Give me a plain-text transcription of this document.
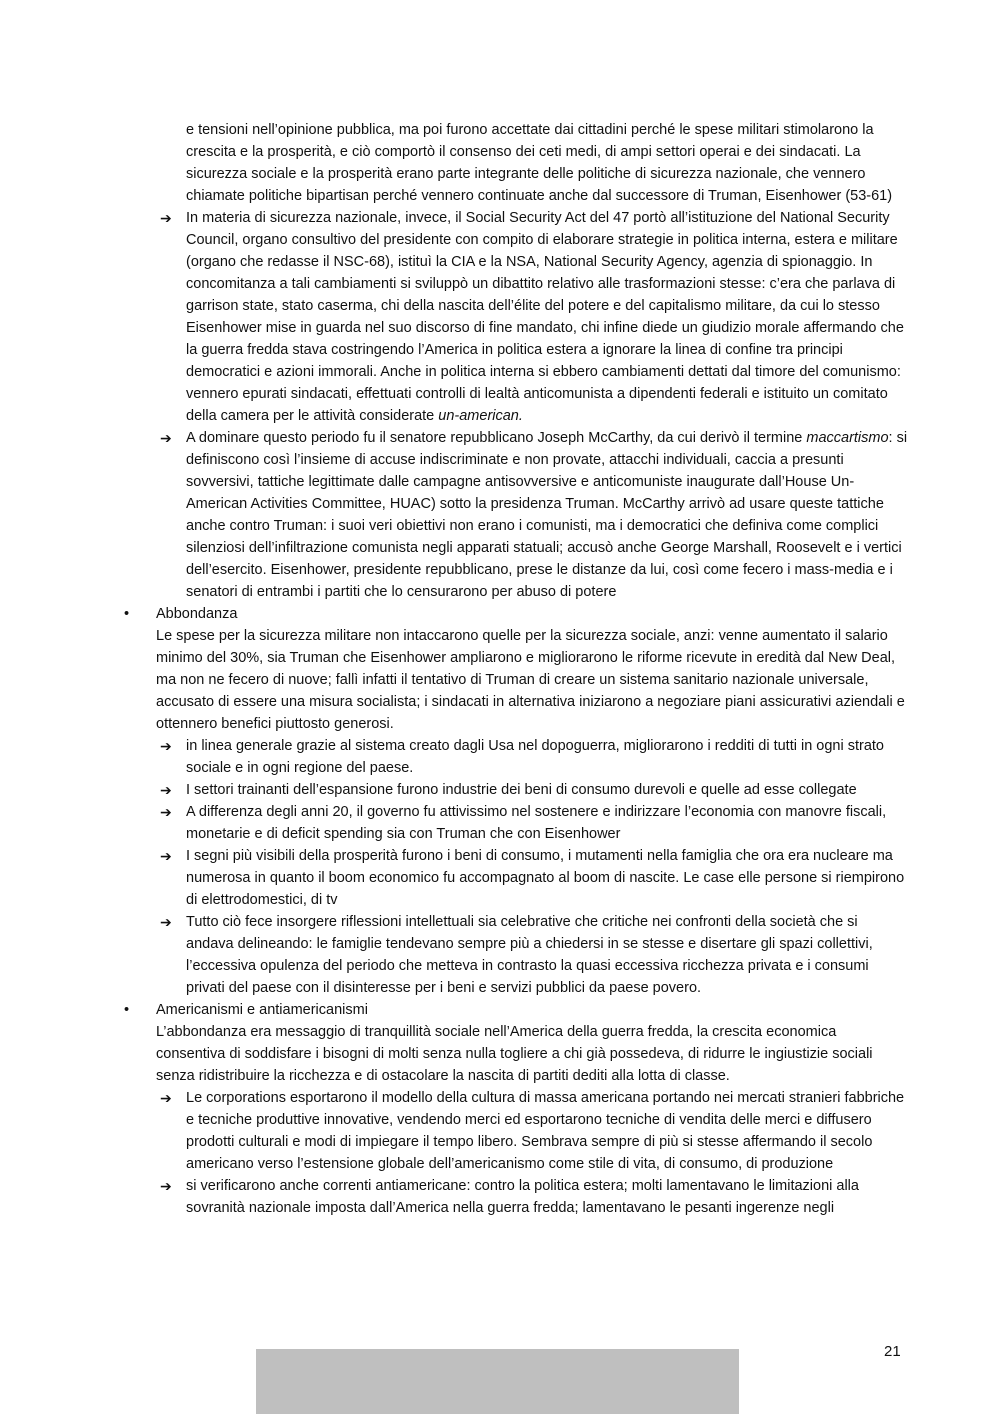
e tensioni nell’opinione pubblica, ma poi furono accettate dai cittadini perché le spese militari stimolarono la crescita e la prosperità, e ciò comportò il consenso dei ceti medi, di ampi settori operai e dei sindacati. La sicurezza sociale e la prosperità erano parte integrante delle politiche di sicurezza nazionale, che vennero chiamate politiche bipartisan perché vennero continuate anche dal successore di Truman, Eisenhower (53-61)
➔ In materia di sicurezza nazionale, invece, il Social Security Act del 47 portò all’istituzione del National Security Council, organo consultivo del presidente con compito di elaborare strategie in politica interna, estera e militare (organo che redasse il NSC-68), istituì la CIA e la NSA, National Security Agency, agenzia di spionaggio. In concomitanza a tali cambiamenti si sviluppò un dibattito relativo alle trasformazioni stesse: c’era che parlava di garrison state, stato caserma, chi della nascita dell’élite del potere e del capitalismo militare, da cui lo stesso Eisenhower mise in guarda nel suo discorso di fine mandato, chi infine diede un giudizio morale affermando che la guerra fredda stava costringendo l’America in politica estera a ignorare la linea di confine tra principi democratici e azioni immorali. Anche in politica interna si ebbero cambiamenti dettati dal timore del comunismo: vennero epurati sindacati, effettuati controlli di lealtà anticomunista a dipendenti federali e istituito un comitato della camera per le attività considerate un-american.
➔ A dominare questo periodo fu il senatore repubblicano Joseph McCarthy, da cui derivò il termine maccartismo: si definiscono così l’insieme di accuse indiscriminate e non provate, attacchi individuali, caccia a presunti sovversivi, tattiche legittimate dalle campagne antisovversive e anticomuniste inaugurate dall’House Un-American Activities Committee, HUAC) sotto la presidenza Truman. McCarthy arrivò ad usare queste tattiche anche contro Truman: i suoi veri obiettivi non erano i comunisti, ma i democratici che definiva come complici silenziosi dell’infiltrazione comunista negli apparati statuali; accusò anche George Marshall, Roosevelt e i vertici dell’esercito. Eisenhower, presidente repubblicano, prese le distanze da lui, così come fecero i mass-media e i senatori di entrambi i partiti che lo censurarono per abuso di potere
• Abbondanza
Le spese per la sicurezza militare non intaccarono quelle per la sicurezza sociale, anzi: venne aumentato il salario minimo del 30%, sia Truman che Eisenhower ampliarono e migliorarono le riforme ricevute in eredità dal New Deal, ma non ne fecero di nuove; fallì infatti il tentativo di Truman di creare un sistema sanitario nazionale universale, accusato di essere una misura socialista; i sindacati in alternativa iniziarono a negoziare piani assicurativi aziendali e ottennero benefici piuttosto generosi.
➔ in linea generale grazie al sistema creato dagli Usa nel dopoguerra, migliorarono i redditi di tutti in ogni strato sociale e in ogni regione del paese.
➔ I settori trainanti dell’espansione furono industrie dei beni di consumo durevoli e quelle ad esse collegate
➔ A differenza degli anni 20, il governo fu attivissimo nel sostenere e indirizzare l’economia con manovre fiscali, monetarie e di deficit spending sia con Truman che con Eisenhower
➔ I segni più visibili della prosperità furono i beni di consumo, i mutamenti nella famiglia che ora era nucleare ma numerosa in quanto il boom economico fu accompagnato al boom di nascite. Le case elle persone si riempirono di elettrodomestici, di tv
➔ Tutto ciò fece insorgere riflessioni intellettuali sia celebrative che critiche nei confronti della società che si andava delineando: le famiglie tendevano sempre più a chiedersi in se stesse e disertare gli spazi collettivi, l’eccessiva opulenza del periodo che metteva in contrasto la quasi eccessiva ricchezza privata e i consumi privati del paese con il disinteresse per i beni e servizi pubblici da paese povero.
• Americanismi e antiamericanismi
L’abbondanza era messaggio di tranquillità sociale nell’America della guerra fredda, la crescita economica consentiva di soddisfare i bisogni di molti senza nulla togliere a chi già possedeva, di ridurre le ingiustizie sociali senza ridistribuire la ricchezza e di ostacolare la nascita di partiti dediti alla lotta di classe.
➔ Le corporations esportarono il modello della cultura di massa americana portando nei mercati stranieri fabbriche e tecniche produttive innovative, vendendo merci ed esportarono tecniche di vendita delle merci e diffusero prodotti culturali e modi di impiegare il tempo libero. Sembrava sempre di più si stesse affermando il secolo americano verso l’estensione globale dell’americanismo come stile di vita, di consumo, di produzione
➔ si verificarono anche correnti antiamericane: contro la politica estera; molti lamentavano le limitazioni alla sovranità nazionale imposta dall’America nella guerra fredda; lamentavano le pesanti ingerenze negli
21
